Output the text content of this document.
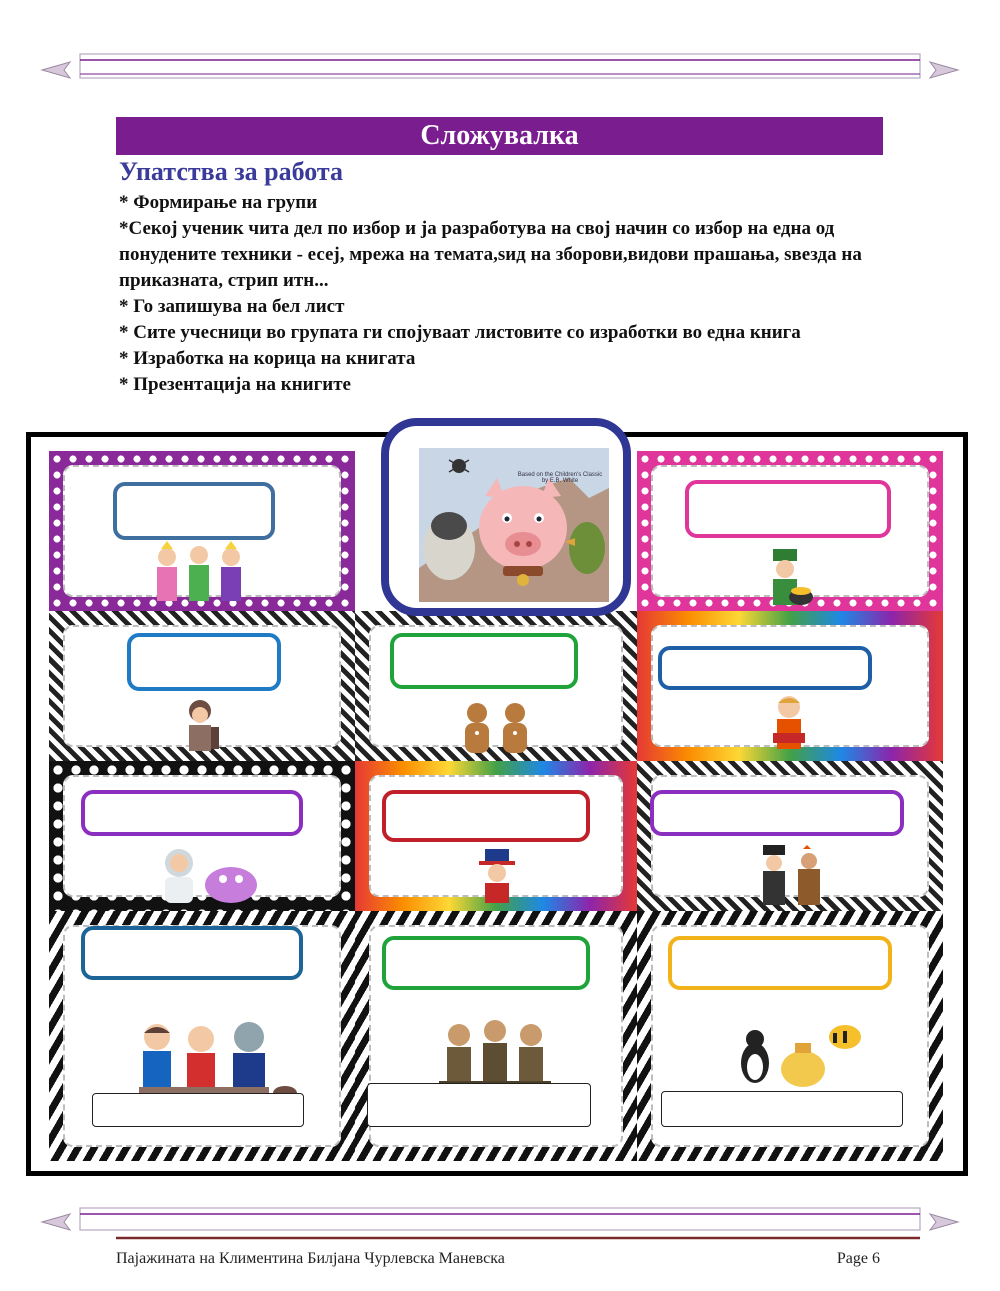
Сложувалка
Упатства за работа
* Формирање на групи
*Секој ученик чита дел по избор и ја разработува на свој начин со избор на една од понудените техники - есеј, мрежа на темата,ѕид на зборови,видови прашања, ѕвезда на приказната, стрип итн...
* Го запишува на бел лист
* Сите учесници во групата ги спојуваат листовите со изработки во една книга
* Изработка на корица на книгата
* Презентација на книгите
Based on the Children's Classic by E.B. White
Пајажината на Климентина Билјана Чурлевска Маневска	Page 6
